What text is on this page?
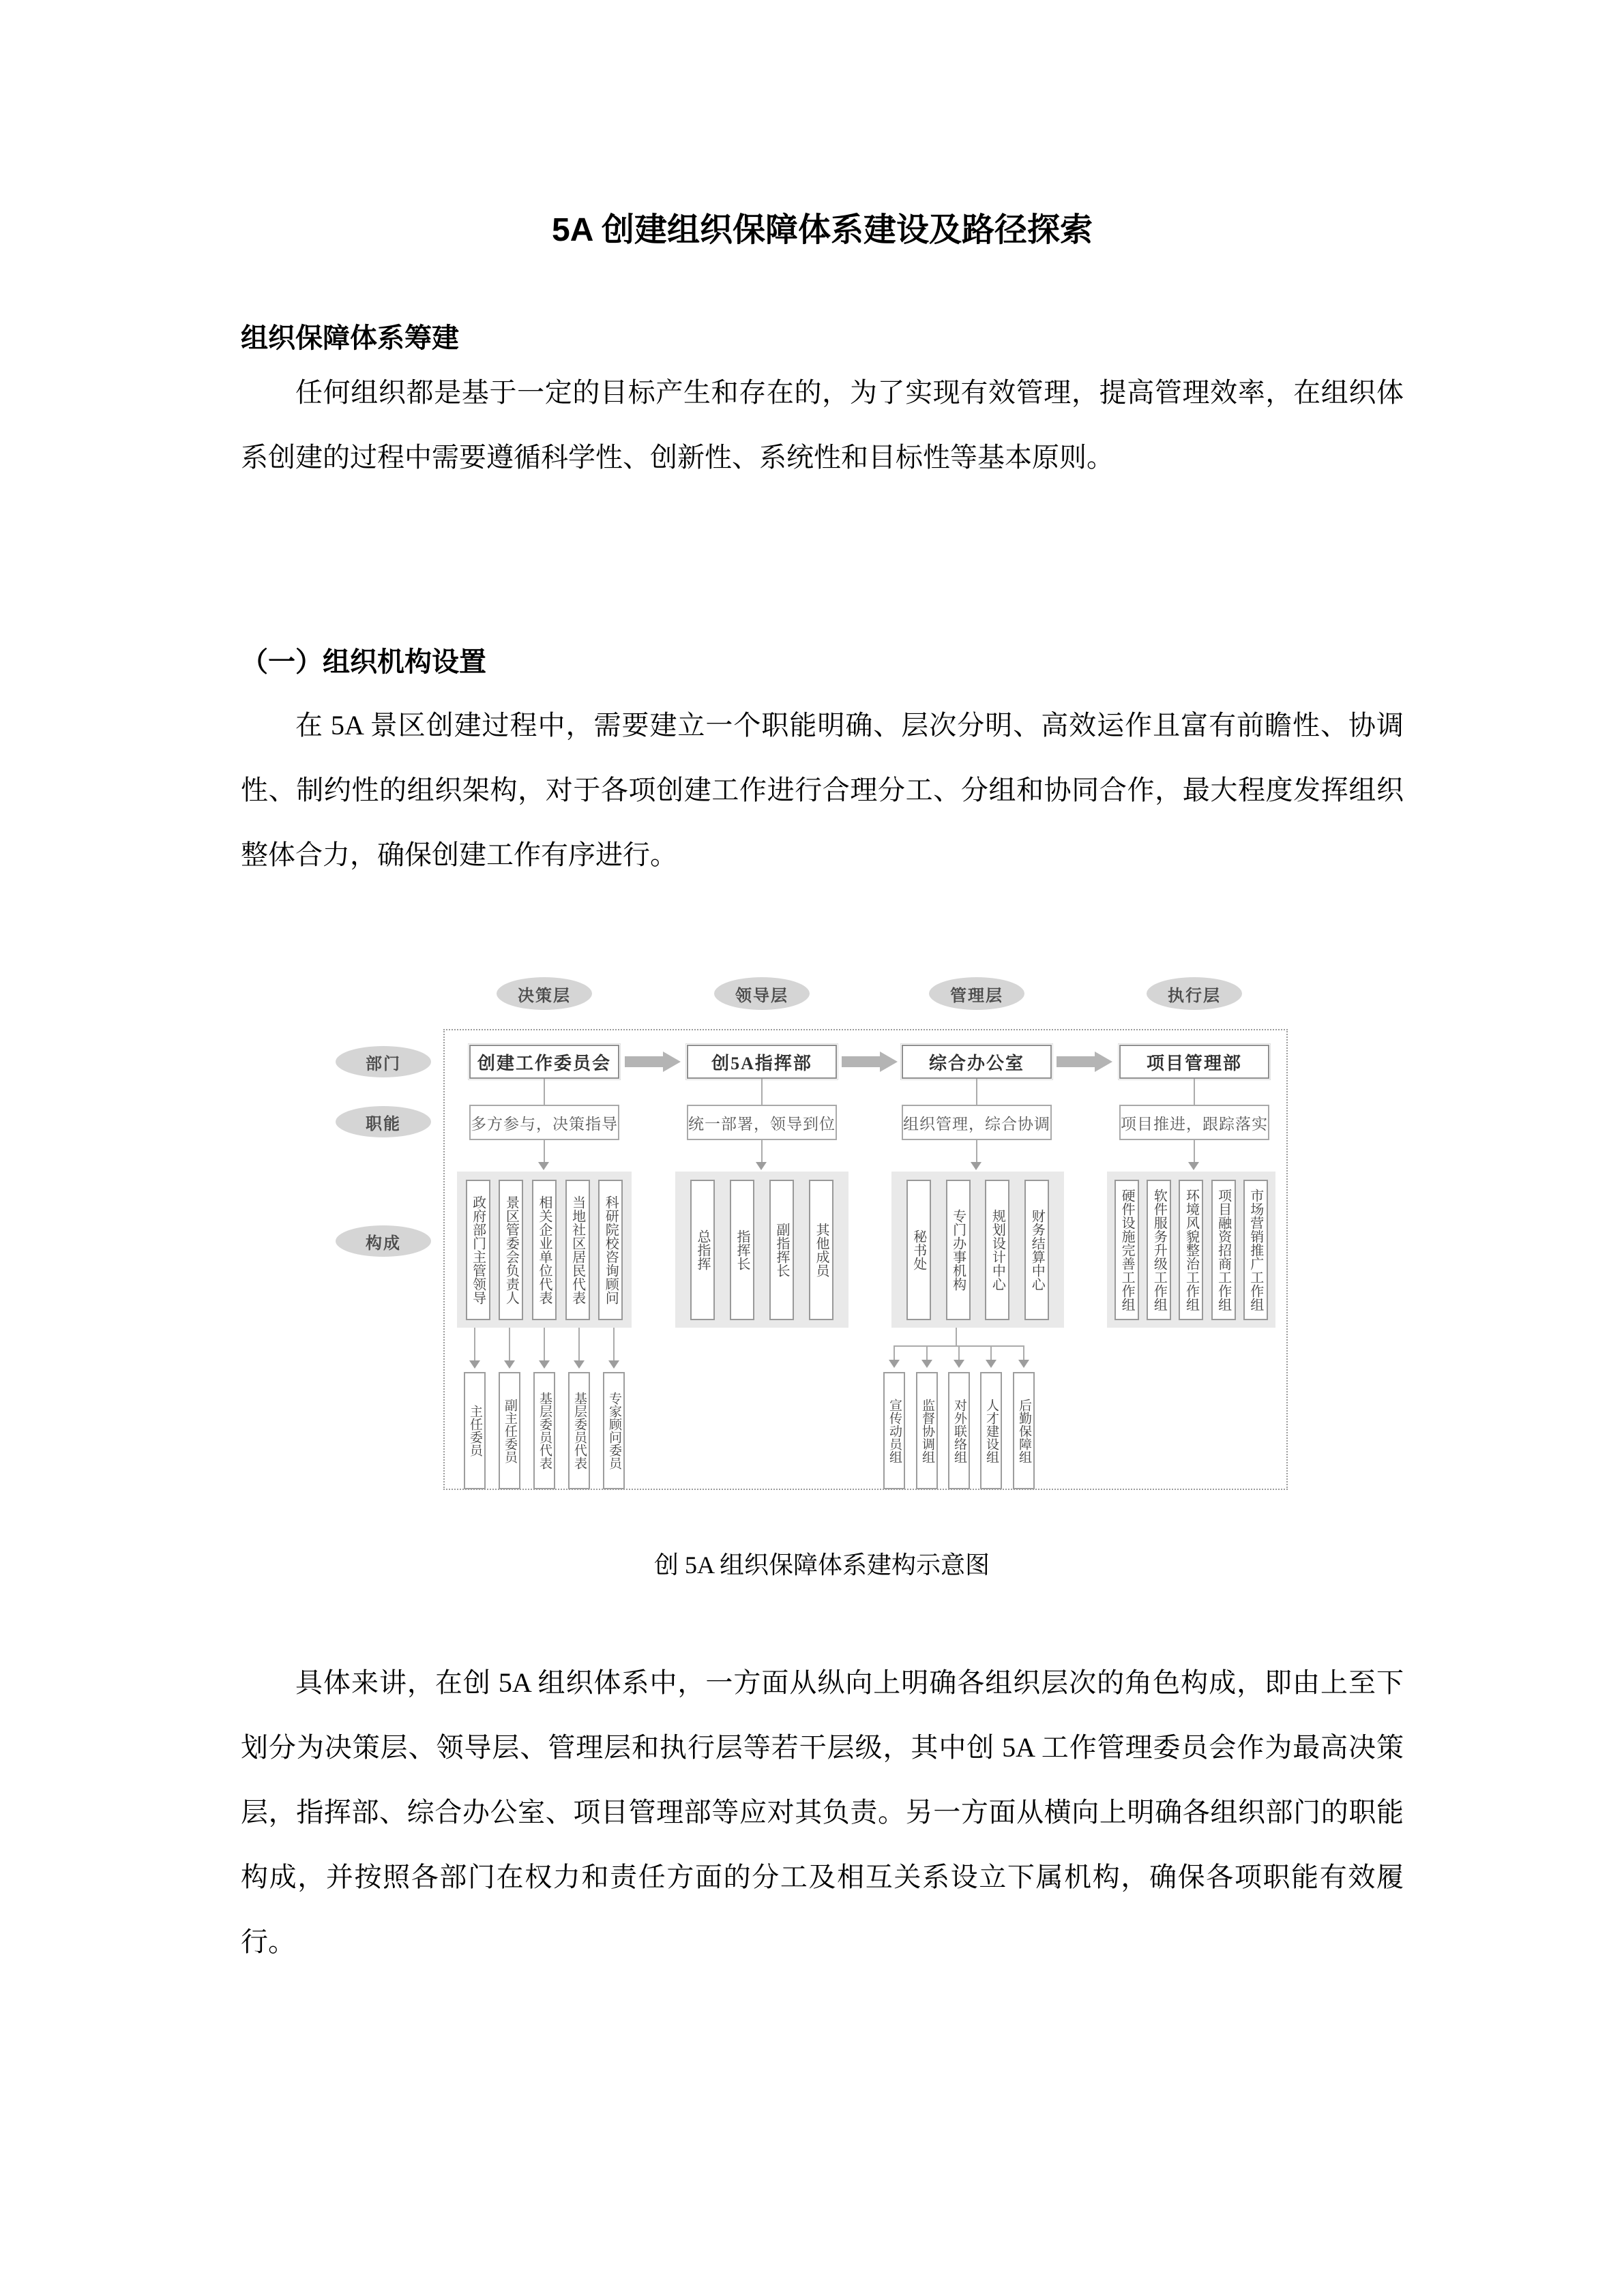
5A 创建组织保障体系建设及路径探索
组织保障体系筹建
任何组织都是基于一定的目标产生和存在的，为了实现有效管理，提高管理效率，在组织体系创建的过程中需要遵循科学性、创新性、系统性和目标性等基本原则。
（一）组织机构设置
在 5A 景区创建过程中，需要建立一个职能明确、层次分明、高效运作且富有前瞻性、协调性、制约性的组织架构，对于各项创建工作进行合理分工、分组和协同合作，最大程度发挥组织整体合力，确保创建工作有序进行。
决策层	领导层	管理层	执行层
部门
职能
构成
创建工作委员会	创5A指挥部	综合办公室	项目管理部
多方参与，决策指导	统一部署，领导到位	组织管理，综合协调	项目推进，跟踪落实
政府部门主管领导	景区管委会负责人	相关企业单位代表	当地社区居民代表	科研院校咨询顾问	总指挥	指挥长	副指挥长	其他成员	秘书处	专门办事机构	规划设计中心	财务结算中心	硬件设施完善工作组	软件服务升级工作组	环境风貌整治工作组	项目融资招商工作组	市场营销推广工作组
主任委员	副主任委员	基层委员代表	基层委员代表	专家顾问委员	宣传动员组	监督协调组	对外联络组	人才建设组	后勤保障组
创 5A 组织保障体系建构示意图
具体来讲，在创 5A 组织体系中，一方面从纵向上明确各组织层次的角色构成，即由上至下划分为决策层、领导层、管理层和执行层等若干层级，其中创 5A 工作管理委员会作为最高决策层，指挥部、综合办公室、项目管理部等应对其负责。另一方面从横向上明确各组织部门的职能构成，并按照各部门在权力和责任方面的分工及相互关系设立下属机构，确保各项职能有效履行。
